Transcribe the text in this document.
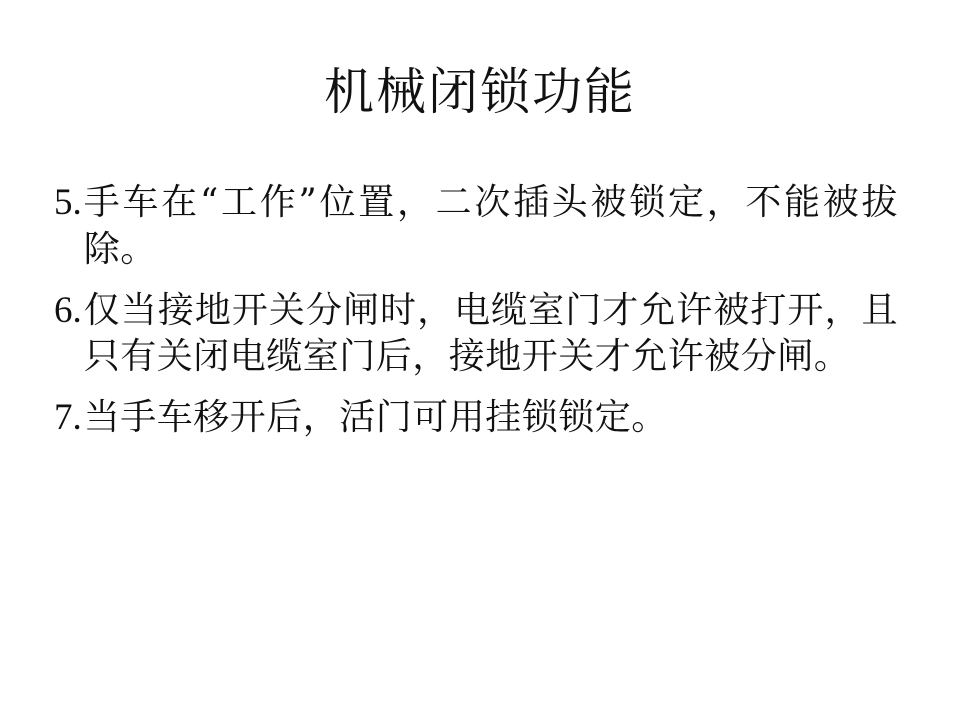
机械闭锁功能
5. 手车在“工作”位置，二次插头被锁定，不能被拔除。
6. 仅当接地开关分闸时，电缆室门才允许被打开，且只有关闭电缆室门后，接地开关才允许被分闸。
7. 当手车移开后，活门可用挂锁锁定。
